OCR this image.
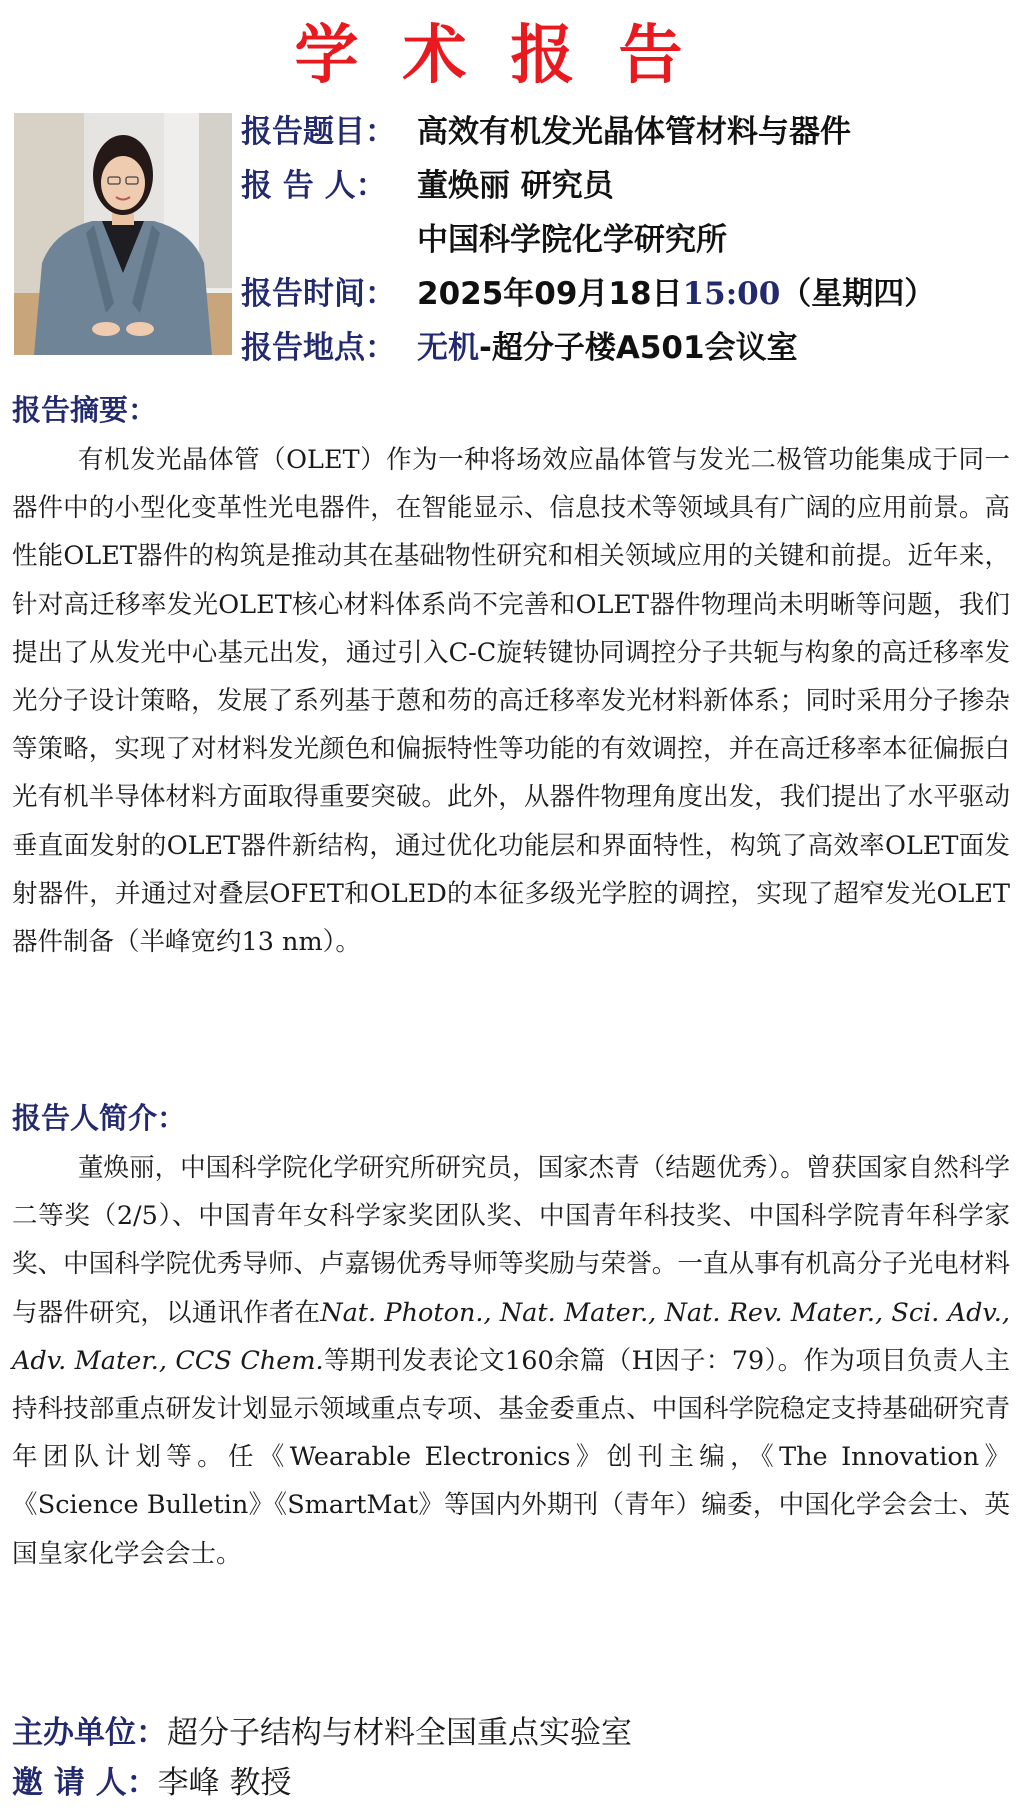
学术报告
报告题目： 高效有机发光晶体管材料与器件
报 告 人： 董焕丽 研究员
中国科学院化学研究所
报告时间： 2025年09月18日15:00（星期四）
报告地点： 无机-超分子楼A501会议室
报告摘要：

有机发光晶体管（OLET）作为一种将场效应晶体管与发光二极管功能集成于同一器件中的小型化变革性光电器件，在智能显示、信息技术等领域具有广阔的应用前景。高性能OLET器件的构筑是推动其在基础物性研究和相关领域应用的关键和前提。近年来，针对高迁移率发光OLET核心材料体系尚不完善和OLET器件物理尚未明晰等问题，我们提出了从发光中心基元出发，通过引入C-C旋转键协同调控分子共轭与构象的高迁移率发光分子设计策略，发展了系列基于蒽和芴的高迁移率发光材料新体系；同时采用分子掺杂等策略，实现了对材料发光颜色和偏振特性等功能的有效调控，并在高迁移率本征偏振白光有机半导体材料方面取得重要突破。此外，从器件物理角度出发，我们提出了水平驱动垂直面发射的OLET器件新结构，通过优化功能层和界面特性，构筑了高效率OLET面发射器件，并通过对叠层OFET和OLED的本征多级光学腔的调控，实现了超窄发光OLET器件制备（半峰宽约13 nm）。

报告人简介：

董焕丽，中国科学院化学研究所研究员，国家杰青（结题优秀）。曾获国家自然科学二等奖（2/5）、中国青年女科学家奖团队奖、中国青年科技奖、中国科学院青年科学家奖、中国科学院优秀导师、卢嘉锡优秀导师等奖励与荣誉。一直从事有机高分子光电材料与器件研究，以通讯作者在Nat. Photon., Nat. Mater., Nat. Rev. Mater., Sci. Adv., Adv. Mater., CCS Chem.等期刊发表论文160余篇（H因子：79）。作为项目负责人主持科技部重点研发计划显示领域重点专项、基金委重点、中国科学院稳定支持基础研究青年团队计划等。任《Wearable Electronics》创刊主编，《The Innovation》《Science Bulletin》《SmartMat》等国内外期刊（青年）编委，中国化学会会士、英国皇家化学会会士。

主办单位：超分子结构与材料全国重点实验室
邀 请 人：李峰 教授
